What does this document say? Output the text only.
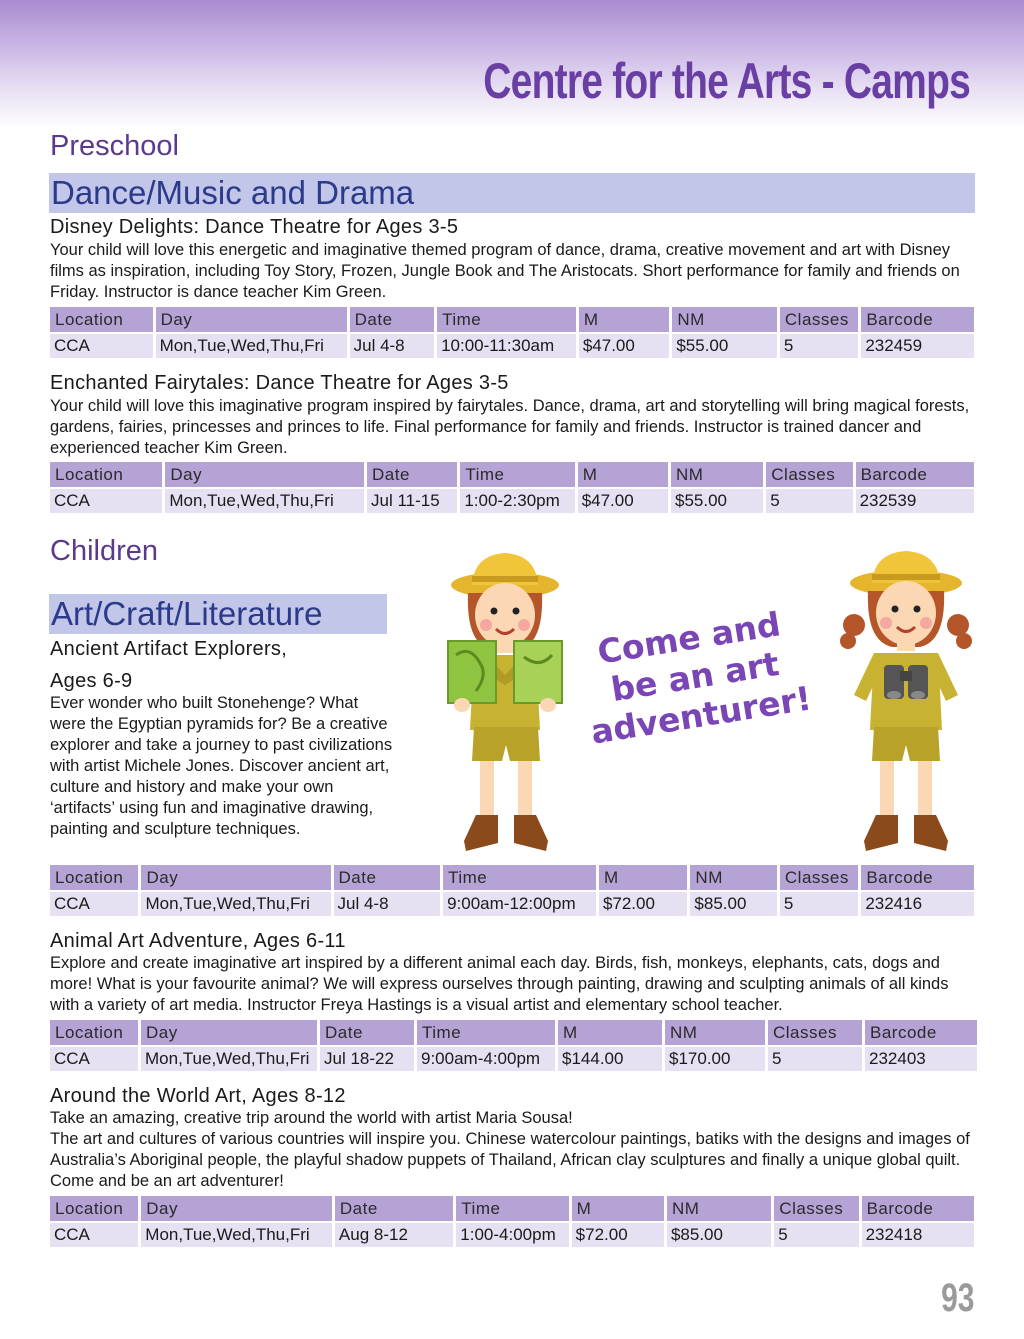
Centre for the Arts - Camps
Preschool
Dance/Music and Drama
Disney Delights: Dance Theatre for Ages 3-5

Your child will love this energetic and imaginative themed program of dance, drama, creative movement and art with Disney films as inspiration, including Toy Story, Frozen, Jungle Book and The Aristocats. Short performance for family and friends on Friday. Instructor is dance teacher Kim Green.

Location	Day	Date	Time	M	NM	Classes	Barcode
CCA	Mon,Tue,Wed,Thu,Fri	Jul 4-8	10:00-11:30am	$47.00	$55.00	5	232459
Enchanted Fairytales: Dance Theatre for Ages 3-5

Your child will love this imaginative program inspired by fairytales. Dance, drama, art and storytelling will bring magical forests, gardens, fairies, princesses and princes to life. Final performance for family and friends. Instructor is trained dancer and experienced teacher Kim Green.

Location	Day	Date	Time	M	NM	Classes	Barcode
CCA	Mon,Tue,Wed,Thu,Fri	Jul 11-15	1:00-2:30pm	$47.00	$55.00	5	232539
Children
Art/Craft/Literature
Ancient Artifact Explorers,
Ages 6-9

Ever wonder who built Stonehenge? What were the Egyptian pyramids for? Be a creative explorer and take a journey to past civilizations with artist Michele Jones. Discover ancient art, culture and history and make your own ‘artifacts’ using fun and imaginative drawing, painting and sculpture techniques.

Come and be an art adventurer!
Location	Day	Date	Time	M	NM	Classes	Barcode
CCA	Mon,Tue,Wed,Thu,Fri	Jul 4-8	9:00am-12:00pm	$72.00	$85.00	5	232416
Animal Art Adventure, Ages 6-11

Explore and create imaginative art inspired by a different animal each day. Birds, fish, monkeys, elephants, cats, dogs and more! What is your favourite animal? We will express ourselves through painting, drawing and sculpting animals of all kinds with a variety of art media. Instructor Freya Hastings is a visual artist and elementary school teacher.

Location	Day	Date	Time	M	NM	Classes	Barcode
CCA	Mon,Tue,Wed,Thu,Fri	Jul 18-22	9:00am-4:00pm	$144.00	$170.00	5	232403
Around the World Art, Ages 8-12

Take an amazing, creative trip around the world with artist Maria Sousa!

The art and cultures of various countries will inspire you. Chinese watercolour paintings, batiks with the designs and images of Australia’s Aboriginal people, the playful shadow puppets of Thailand, African clay sculptures and finally a unique global quilt. Come and be an art adventurer!

Location	Day	Date	Time	M	NM	Classes	Barcode
CCA	Mon,Tue,Wed,Thu,Fri	Aug 8-12	1:00-4:00pm	$72.00	$85.00	5	232418
93
